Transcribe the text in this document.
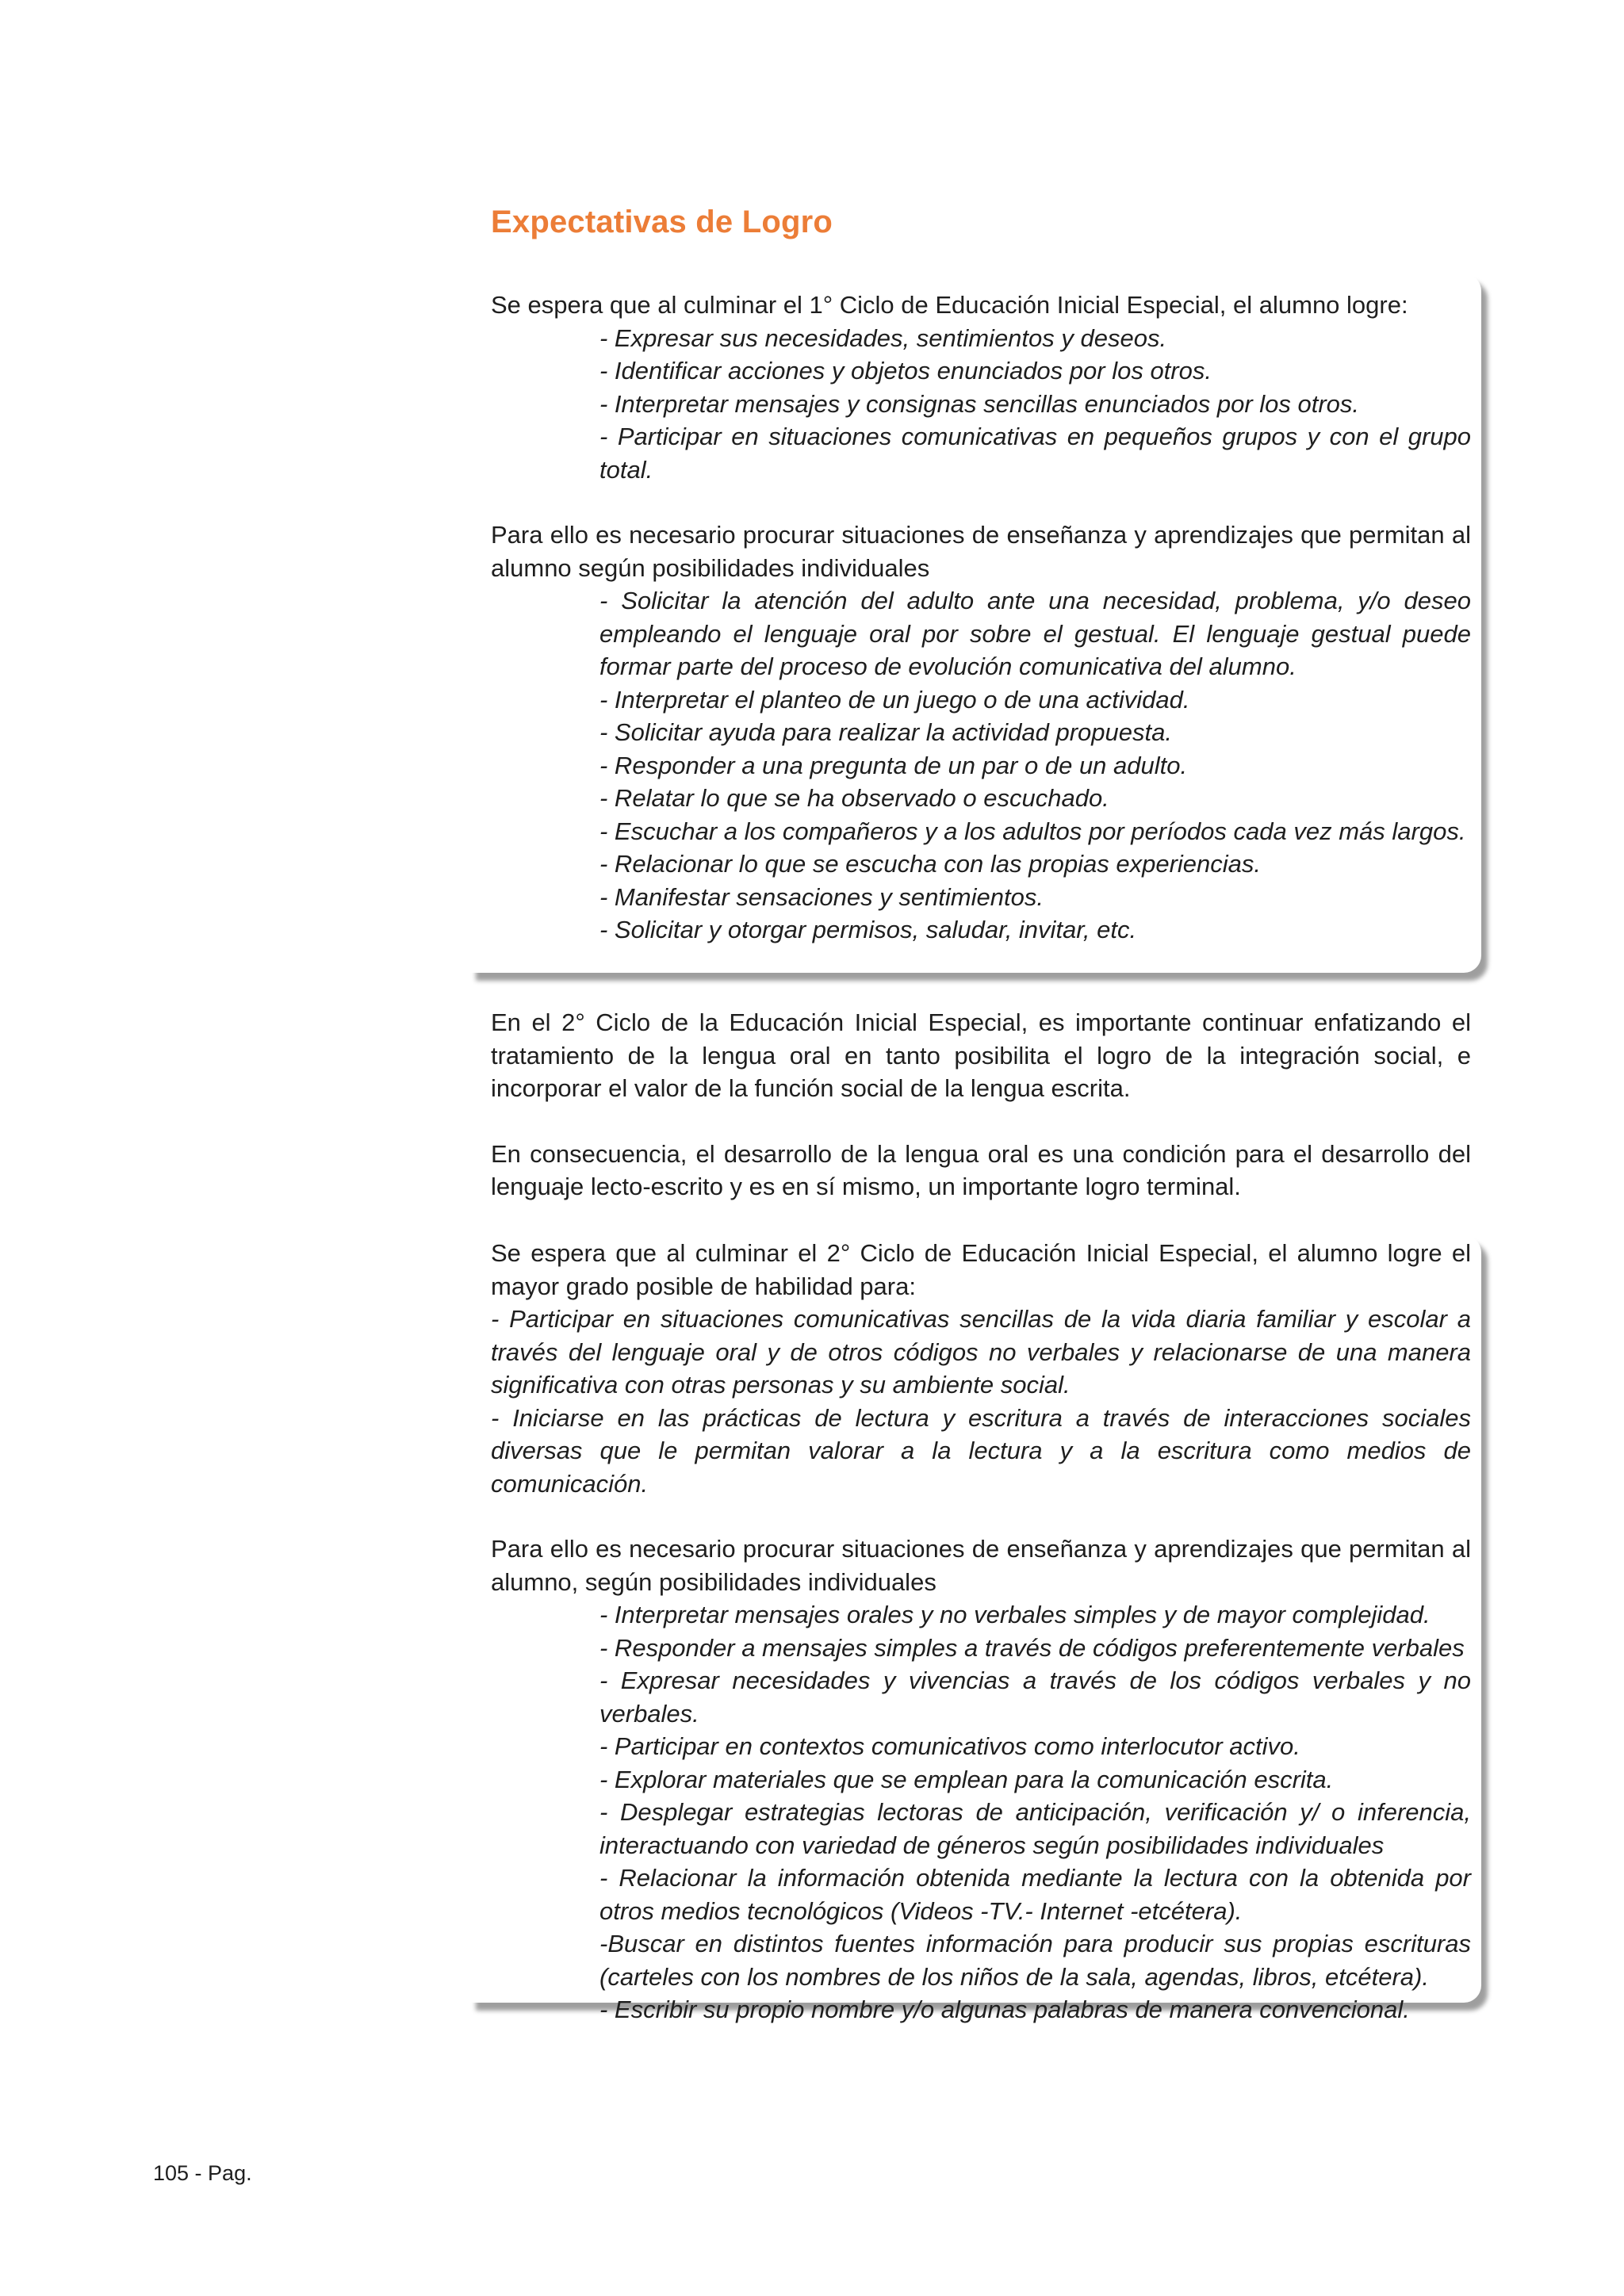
Expectativas de Logro

Se espera que al culminar el 1° Ciclo de Educación Inicial Especial, el alumno logre:

- Expresar sus necesidades, sentimientos y deseos.

- Identificar acciones y objetos enunciados por los otros.

- Interpretar mensajes y consignas sencillas enunciados por los otros.

- Participar en situaciones comunicativas en pequeños grupos y con el grupo total.

Para ello es necesario procurar situaciones de enseñanza y aprendizajes que permitan al alumno según posibilidades individuales

- Solicitar la atención del adulto ante una necesidad, problema, y/o deseo empleando el lenguaje oral por sobre el gestual. El lenguaje gestual puede formar parte del proceso de evolución comunicativa del alumno.

- Interpretar el planteo de un juego o de una actividad.

- Solicitar ayuda para realizar la actividad propuesta.

- Responder a una pregunta de un par o de un adulto.

- Relatar lo que se ha observado o escuchado.

- Escuchar a los compañeros y a los adultos por períodos cada vez más largos.

- Relacionar lo que se escucha con las propias experiencias.

- Manifestar sensaciones y sentimientos.

- Solicitar y otorgar permisos, saludar, invitar, etc.

En el 2° Ciclo de la Educación Inicial Especial, es importante continuar enfatizando el tratamiento de la lengua oral en tanto posibilita el logro de la integración social, e incorporar el valor de la función social de la lengua escrita.

En consecuencia, el desarrollo de la lengua oral es una condición para el desarrollo del lenguaje lecto-escrito y es en sí mismo, un importante logro terminal.

Se espera que al culminar el 2° Ciclo de Educación Inicial Especial, el alumno logre el mayor grado posible de habilidad para:

- Participar en situaciones comunicativas sencillas de la vida diaria familiar y escolar a través del lenguaje oral y de otros códigos no verbales y relacionarse de una manera significativa con otras personas y su ambiente social.

- Iniciarse en las prácticas de lectura y escritura a través de interacciones sociales diversas que le permitan valorar a la lectura y a la escritura como medios de comunicación.

Para ello es necesario procurar situaciones de enseñanza y aprendizajes que permitan al alumno, según posibilidades individuales

- Interpretar mensajes orales y no verbales simples y de mayor complejidad.

- Responder a mensajes simples a través de códigos preferentemente verbales

- Expresar necesidades y vivencias a través de los códigos verbales y no verbales.

- Participar en contextos comunicativos como interlocutor activo.

- Explorar materiales que se emplean para la comunicación escrita.

- Desplegar estrategias lectoras de anticipación, verificación y/ o inferencia, interactuando con variedad de géneros según posibilidades individuales

- Relacionar la información obtenida mediante la lectura con la obtenida por otros medios tecnológicos (Videos -TV.- Internet -etcétera).

-Buscar en distintos fuentes información para producir sus propias escrituras (carteles con los nombres de los niños de la sala, agendas, libros, etcétera).

- Escribir su propio nombre y/o algunas palabras de manera convencional.

105 - Pag.
